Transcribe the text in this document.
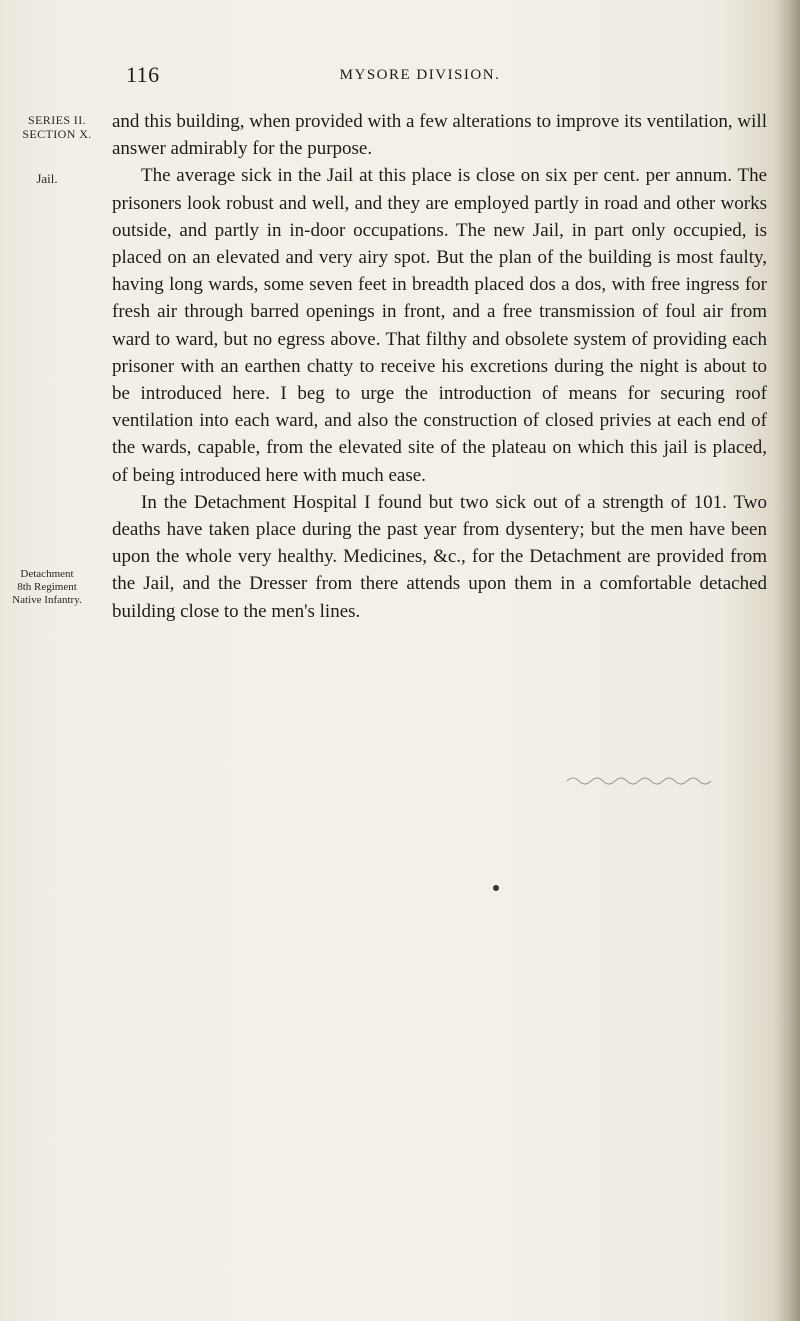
116	MYSORE DIVISION.
SERIES II.
SECTION X.
Jail.
Detachment
8th Regiment
Native Infantry.

and this building, when provided with a few alterations to improve its ventilation, will answer admirably for the purpose.

The average sick in the Jail at this place is close on six per cent. per annum. The prisoners look robust and well, and they are employed partly in road and other works outside, and partly in in-door occupations. The new Jail, in part only occupied, is placed on an elevated and very airy spot. But the plan of the building is most faulty, having long wards, some seven feet in breadth placed dos a dos, with free ingress for fresh air through barred openings in front, and a free transmission of foul air from ward to ward, but no egress above. That filthy and obsolete system of providing each prisoner with an earthen chatty to receive his excretions during the night is about to be introduced here. I beg to urge the introduction of means for securing roof ventilation into each ward, and also the construction of closed privies at each end of the wards, capable, from the elevated site of the plateau on which this jail is placed, of being introduced here with much ease.

In the Detachment Hospital I found but two sick out of a strength of 101. Two deaths have taken place during the past year from dysentery; but the men have been upon the whole very healthy. Medicines, &c., for the Detachment are provided from the Jail, and the Dresser from there attends upon them in a comfortable detached building close to the men's lines.
